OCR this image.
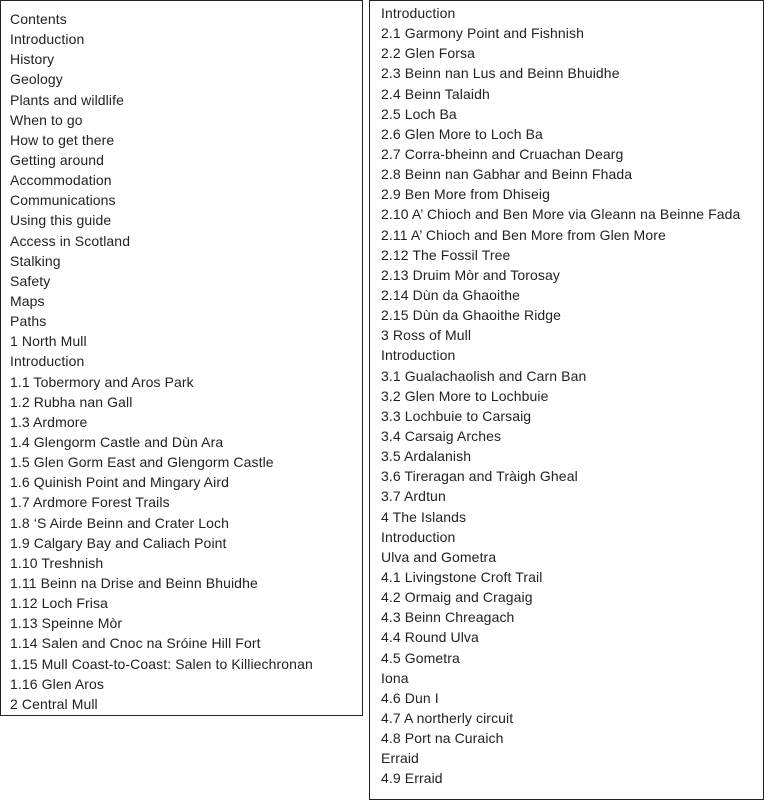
Contents
Introduction
History
Geology
Plants and wildlife
When to go
How to get there
Getting around
Accommodation
Communications
Using this guide
Access in Scotland
Stalking
Safety
Maps
Paths
1 North Mull
Introduction
1.1 Tobermory and Aros Park
1.2 Rubha nan Gall
1.3 Ardmore
1.4 Glengorm Castle and Dùn Ara
1.5 Glen Gorm East and Glengorm Castle
1.6 Quinish Point and Mingary Aird
1.7 Ardmore Forest Trails
1.8 ‘S Airde Beinn and Crater Loch
1.9 Calgary Bay and Caliach Point
1.10 Treshnish
1.11 Beinn na Drise and Beinn Bhuidhe
1.12 Loch Frisa
1.13 Speinne Mòr
1.14 Salen and Cnoc na Sróine Hill Fort
1.15 Mull Coast-to-Coast: Salen to Killiechronan
1.16 Glen Aros
2 Central Mull
Introduction
2.1 Garmony Point and Fishnish
2.2 Glen Forsa
2.3 Beinn nan Lus and Beinn Bhuidhe
2.4 Beinn Talaidh
2.5 Loch Ba
2.6 Glen More to Loch Ba
2.7 Corra-bheinn and Cruachan Dearg
2.8 Beinn nan Gabhar and Beinn Fhada
2.9 Ben More from Dhiseig
2.10 A’ Chioch and Ben More via Gleann na Beinne Fada
2.11 A’ Chioch and Ben More from Glen More
2.12 The Fossil Tree
2.13 Druim Mòr and Torosay
2.14 Dùn da Ghaoithe
2.15 Dùn da Ghaoithe Ridge
3 Ross of Mull
Introduction
3.1 Gualachaolish and Carn Ban
3.2 Glen More to Lochbuie
3.3 Lochbuie to Carsaig
3.4 Carsaig Arches
3.5 Ardalanish
3.6 Tireragan and Tràigh Gheal
3.7 Ardtun
4 The Islands
Introduction
Ulva and Gometra
4.1 Livingstone Croft Trail
4.2 Ormaig and Cragaig
4.3 Beinn Chreagach
4.4 Round Ulva
4.5 Gometra
Iona
4.6 Dun I
4.7 A northerly circuit
4.8 Port na Curaich
Erraid
4.9 Erraid
